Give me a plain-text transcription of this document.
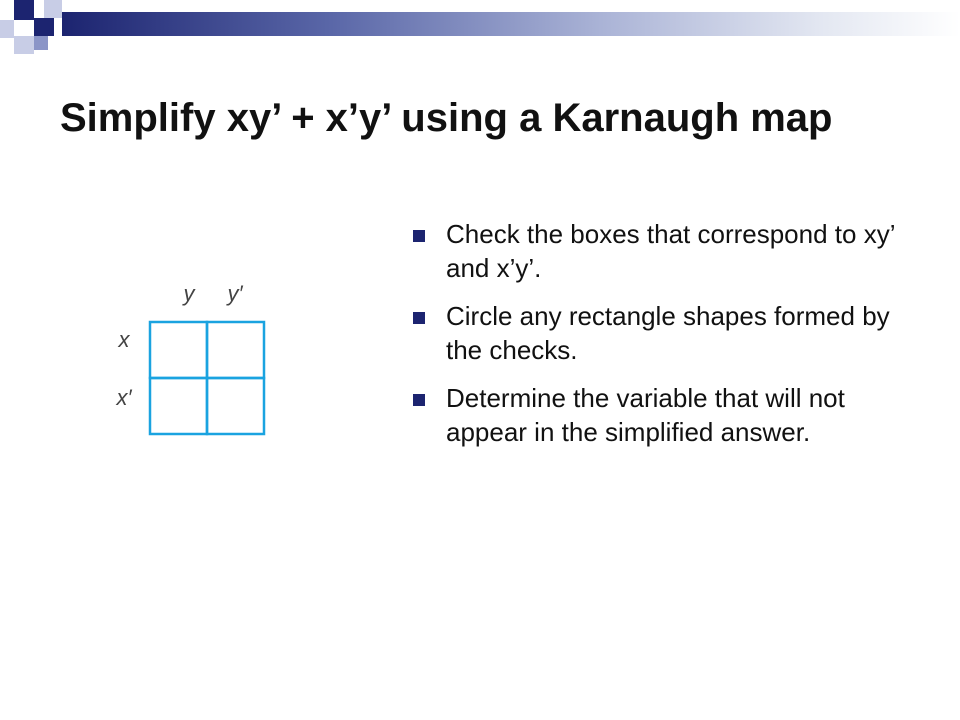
Simplify xy’ + x’y’ using a Karnaugh map
y y′
x
x′
Check the boxes that correspond to xy’ and x’y’.
Circle any rectangle shapes formed by the checks.
Determine the variable that will not appear in the simplified answer.
